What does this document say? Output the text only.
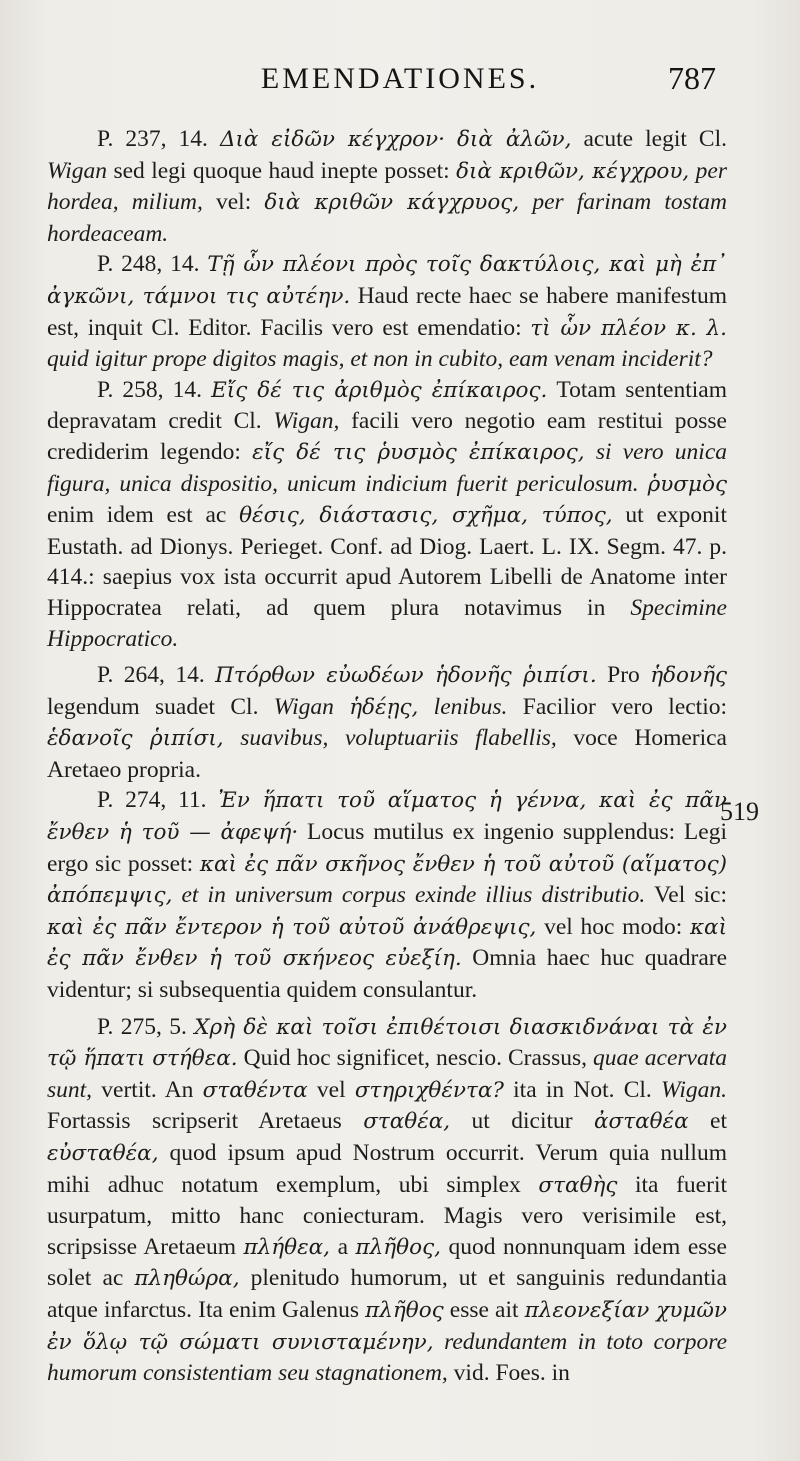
EMENDATIONES.	787

P. 237, 14. Διὰ εἰδῶν κέγχρον· διὰ ἀλῶν, acute legit Cl. Wigan sed legi quoque haud inepte posset: διὰ κριθῶν, κέγχρου, per hordea, milium, vel: διὰ κριθῶν κάγχρυος, per farinam tostam hordeaceam.

P. 248, 14. Τῇ ὧν πλέονι πρὸς τοῖς δακτύλοις, καὶ μὴ ἐπ᾽ ἀγκῶνι, τάμνοι τις αὐτέην. Haud recte haec se habere manifestum est, inquit Cl. Editor. Facilis vero est emendatio: τὶ ὧν πλέον κ. λ. quid igitur prope digitos magis, et non in cubito, eam venam inciderit?

P. 258, 14. Εἴς δέ τις ἀριθμὸς ἐπίκαιρος. Totam sententiam depravatam credit Cl. Wigan, facili vero negotio eam restitui posse crediderim legendo: εἴς δέ τις ῥυσμὸς ἐπίκαιρος, si vero unica figura, unica dispositio, unicum indicium fuerit periculosum. ῥυσμὸς enim idem est ac θέσις, διάστασις, σχῆμα, τύπος, ut exponit Eustath. ad Dionys. Perieget. Conf. ad Diog. Laert. L. IX. Segm. 47. p. 414.: saepius vox ista occurrit apud Autorem Libelli de Anatome inter Hippocratea relati, ad quem plura notavimus in Specimine Hippocratico.

P. 264, 14. Πτόρθων εὐωδέων ἡδονῆς ῥιπίσι. Pro ἡδονῆς legendum suadet Cl. Wigan ἡδέῃς, lenibus. Facilior vero lectio: ἑδανοῖς ῥιπίσι, suavibus, voluptuariis flabellis, voce Homerica Aretaeo propria.

P. 274, 11. Ἐν ἥπατι τοῦ αἵματος ἡ γέννα, καὶ ἐς πᾶν ἔνθεν ἡ τοῦ — ἀφεψή· Locus mutilus ex ingenio supplendus: Legi ergo sic posset: καὶ ἐς πᾶν σκῆνος ἔνθεν ἡ τοῦ αὐτοῦ (αἵματος) ἀπόπεμψις, et in universum corpus exinde illius distributio. Vel sic: καὶ ἐς πᾶν ἔντερον ἡ τοῦ αὐτοῦ ἀνάθρεψις, vel hoc modo: καὶ ἐς πᾶν ἔνθεν ἡ τοῦ σκήνεος εὐεξίη. Omnia haec huc quadrare videntur; si subsequentia quidem consulantur.

P. 275, 5. Χρὴ δὲ καὶ τοῖσι ἐπιθέτοισι διασκιδνάναι τὰ ἐν τῷ ἥπατι στήθεα. Quid hoc significet, nescio. Crassus, quae acervata sunt, vertit. An σταθέντα vel στηριχθέντα? ita in Not. Cl. Wigan. Fortassis scripserit Aretaeus σταθέα, ut dicitur ἀσταθέα et εὐσταθέα, quod ipsum apud Nostrum occurrit. Verum quia nullum mihi adhuc notatum exemplum, ubi simplex σταθὴς ita fuerit usurpatum, mitto hanc coniecturam. Magis vero verisimile est, scripsisse Aretaeum πλήθεα, a πλῆθος, quod nonnunquam idem esse solet ac πληθώρα, plenitudo humorum, ut et sanguinis redundantia atque infarctus. Ita enim Galenus πλῆθος esse ait πλεονεξίαν χυμῶν ἐν ὅλῳ τῷ σώματι συνισταμένην, redundantem in toto corpore humorum consistentiam seu stagnationem, vid. Foes. in

519
